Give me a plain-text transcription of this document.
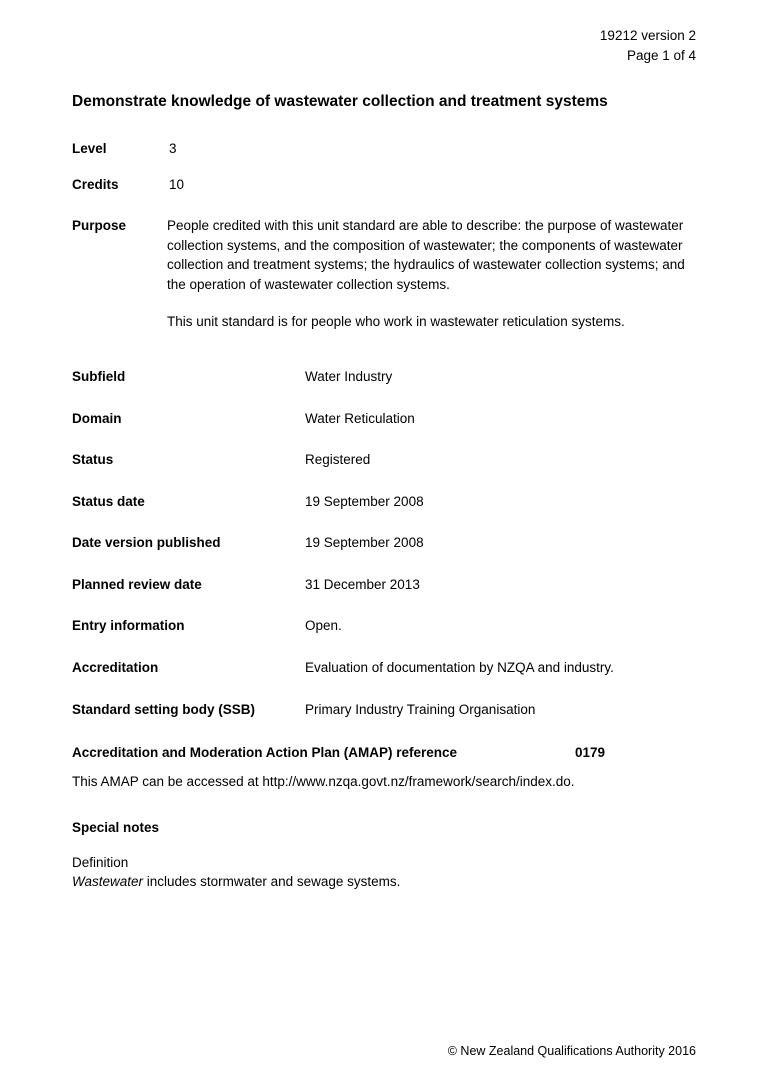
19212 version 2
Page 1 of 4
Demonstrate knowledge of wastewater collection and treatment systems
Level	3
Credits	10
Purpose	People credited with this unit standard are able to describe: the purpose of wastewater collection systems, and the composition of wastewater; the components of wastewater collection and treatment systems; the hydraulics of wastewater collection systems; and the operation of wastewater collection systems.
This unit standard is for people who work in wastewater reticulation systems.
Subfield	Water Industry
Domain	Water Reticulation
Status	Registered
Status date	19 September 2008
Date version published	19 September 2008
Planned review date	31 December 2013
Entry information	Open.
Accreditation	Evaluation of documentation by NZQA and industry.
Standard setting body (SSB)	Primary Industry Training Organisation
Accreditation and Moderation Action Plan (AMAP) reference	0179
This AMAP can be accessed at http://www.nzqa.govt.nz/framework/search/index.do.
Special notes
Definition
Wastewater includes stormwater and sewage systems.
© New Zealand Qualifications Authority 2016
